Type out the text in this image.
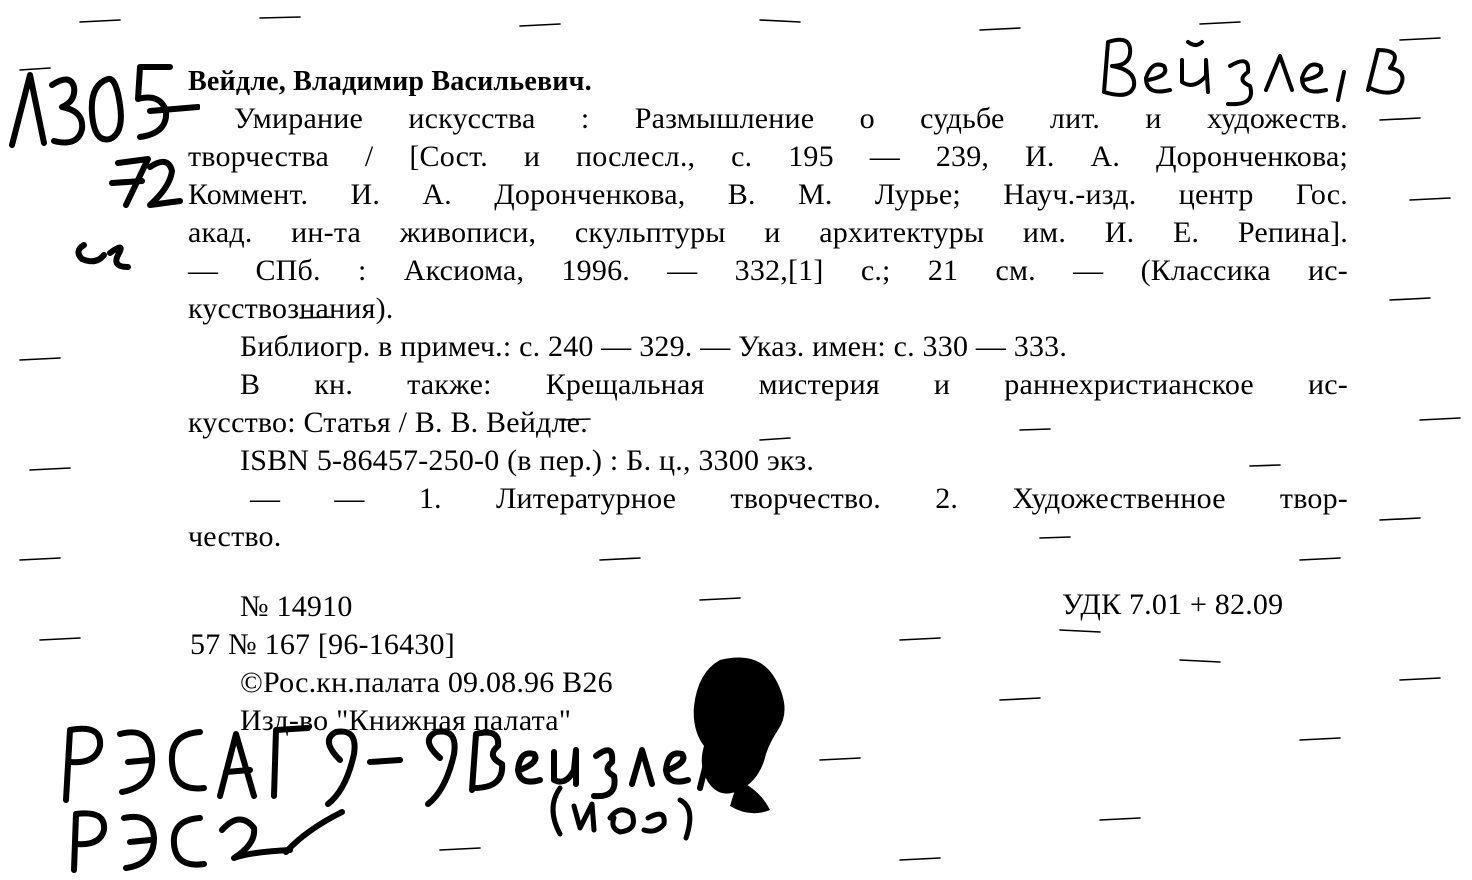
Вейдле, Владимир Васильевич.
Умирание искусства : Размышление о судьбе лит. и художеств.
творчества / [Сост. и послесл., с. 195 — 239, И. А. Доронченкова;
Коммент. И. А. Доронченкова, В. М. Лурье; Науч.-изд. центр Гос.
акад. ин-та живописи, скульптуры и архитектуры им. И. Е. Репина].
— СПб. : Аксиома, 1996. — 332,[1] с.; 21 см. — (Классика ис-
кусствознания).
Библиогр. в примеч.: с. 240 — 329. — Указ. имен: с. 330 — 333.
В кн. также: Крещальная мистерия и раннехристианское ис-
кусство: Статья / В. В. Вейдле.
ISBN 5-86457-250-0 (в пер.) : Б. ц., 3300 экз.
— — 1. Литературное творчество. 2. Художественное твор-
чество.
№ 14910	УДК 7.01 + 82.09
57 № 167 [96-16430]
©Рос.кн.палата 09.08.96 В26
Изд-во "Книжная палата"
